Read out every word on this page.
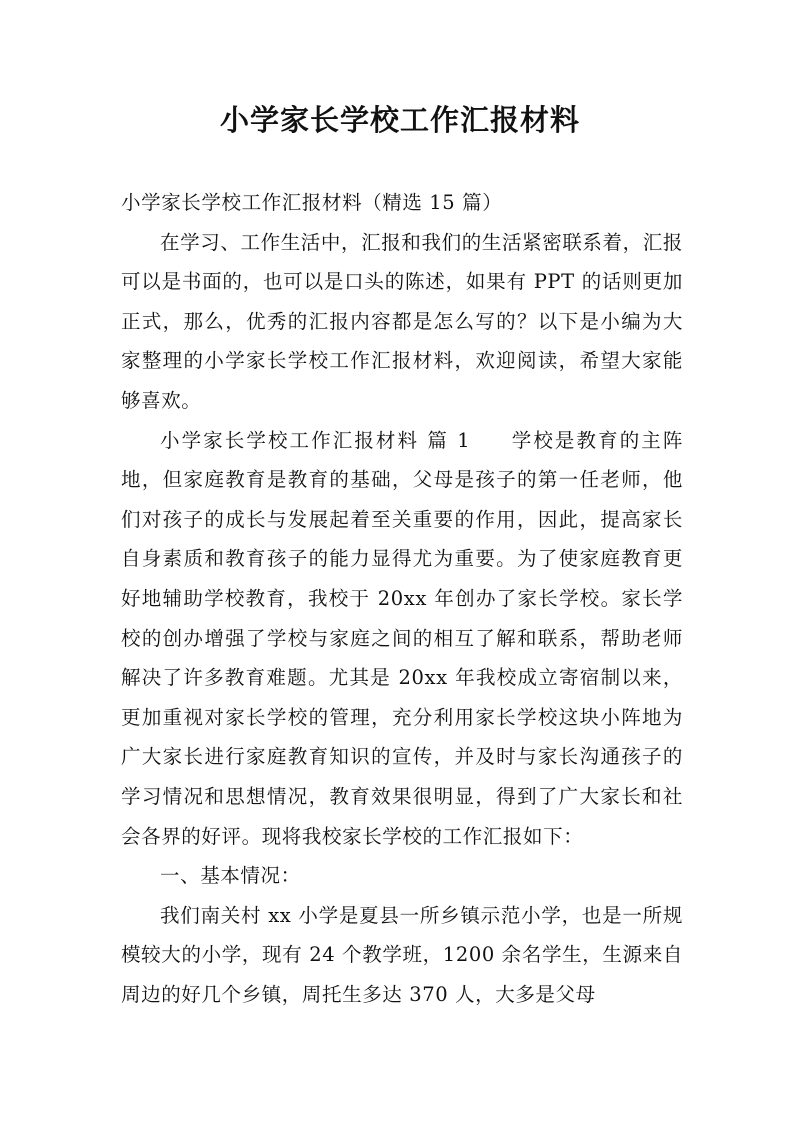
小学家长学校工作汇报材料

小学家长学校工作汇报材料（精选 15 篇）

在学习、工作生活中，汇报和我们的生活紧密联系着，汇报可以是书面的，也可以是口头的陈述，如果有 PPT 的话则更加正式，那么，优秀的汇报内容都是怎么写的？以下是小编为大家整理的小学家长学校工作汇报材料，欢迎阅读，希望大家能够喜欢。

小学家长学校工作汇报材料 篇 1 学校是教育的主阵地，但家庭教育是教育的基础，父母是孩子的第一任老师，他们对孩子的成长与发展起着至关重要的作用，因此，提高家长自身素质和教育孩子的能力显得尤为重要。为了使家庭教育更好地辅助学校教育，我校于 20xx 年创办了家长学校。家长学校的创办增强了学校与家庭之间的相互了解和联系，帮助老师解决了许多教育难题。尤其是 20xx 年我校成立寄宿制以来，更加重视对家长学校的管理，充分利用家长学校这块小阵地为广大家长进行家庭教育知识的宣传，并及时与家长沟通孩子的学习情况和思想情况，教育效果很明显，得到了广大家长和社会各界的好评。现将我校家长学校的工作汇报如下：

一、基本情况：

我们南关村 xx 小学是夏县一所乡镇示范小学，也是一所规模较大的小学，现有 24 个教学班，1200 余名学生，生源来自周边的好几个乡镇，周托生多达 370 人，大多是父母
